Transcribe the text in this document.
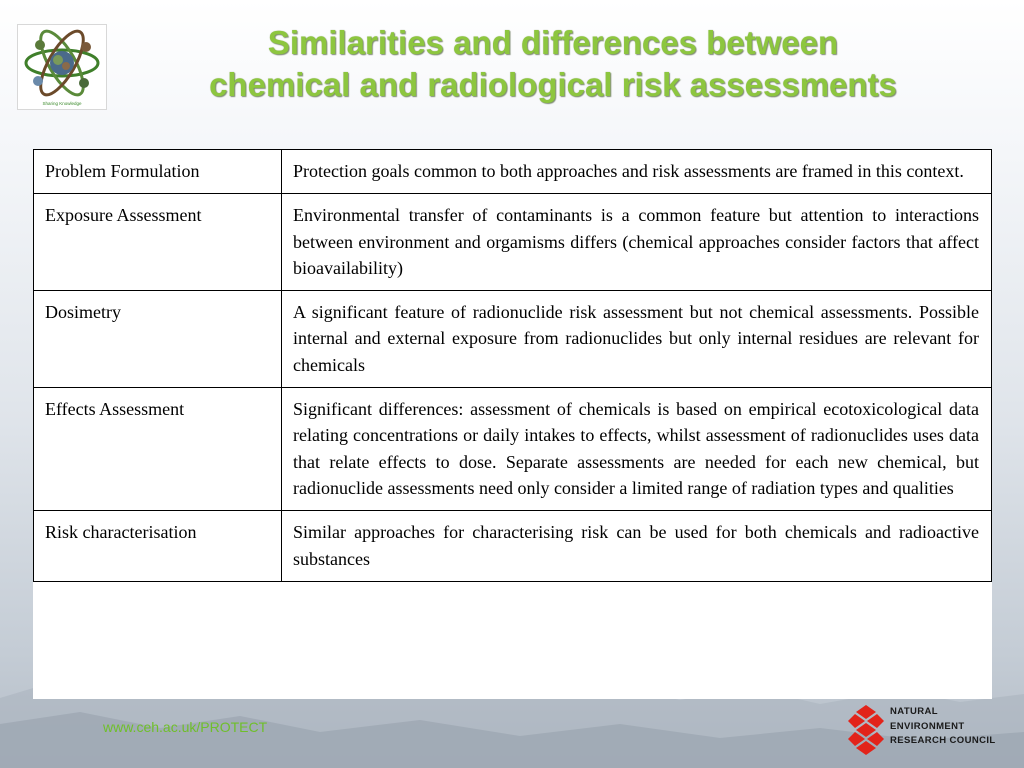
Sharing Knowledge
Similarities and differences between
chemical and radiological risk assessments
Problem Formulation	Protection goals common to both approaches and risk assessments are framed in this context.
Exposure Assessment	Environmental transfer of contaminants is a common feature but attention to interactions between environment and orgamisms differs (chemical approaches consider factors that affect bioavailability)
Dosimetry	A significant feature of radionuclide risk assessment but not chemical assessments. Possible internal and external exposure from radionuclides but only internal residues are relevant for chemicals
Effects Assessment	Significant differences: assessment of chemicals is based on empirical ecotoxicological data relating concentrations or daily intakes to effects, whilst assessment of radionuclides uses data that relate effects to dose. Separate assessments are needed for each new chemical, but radionuclide assessments need only consider a limited range of radiation types and qualities
Risk characterisation	Similar approaches for characterising risk can be used for both chemicals and radioactive substances
www.ceh.ac.uk/PROTECT
NATURAL
ENVIRONMENT
RESEARCH COUNCIL
